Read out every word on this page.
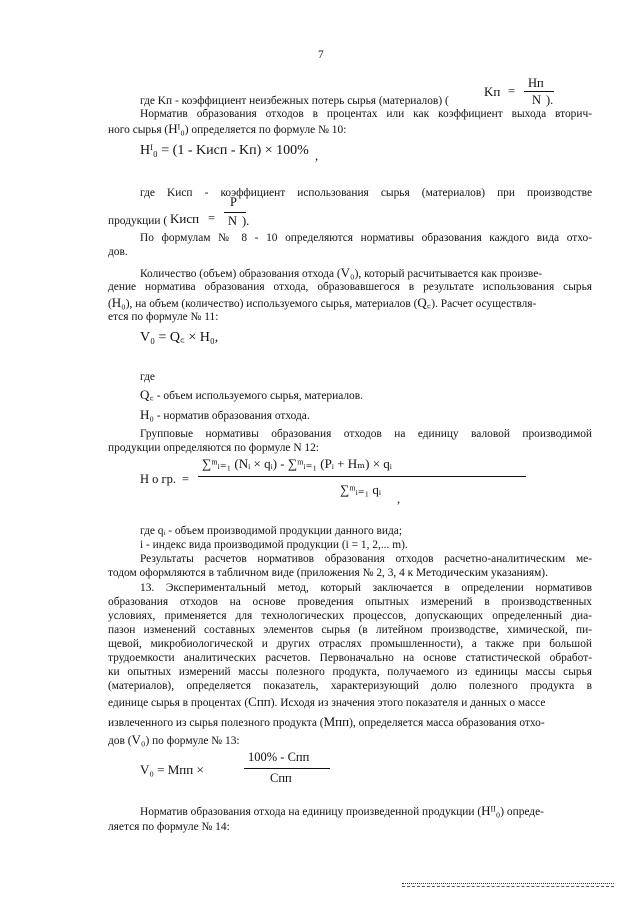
7
Kп =
Нп
N ).
где Kп - коэффициент неизбежных потерь сырья (материалов) (
Норматив образования отходов в процентах или как коэффициент выхода вторич-
ного сырья (Нᴵ₀) определяется по формуле № 10:
Нᴵ₀ = (1 - Kисп - Kп) × 100% ,
где Kисп - коэффициент использования сырья (материалов) при производстве
продукции ( Kисп =
P
N ).
По формулам № 8 - 10 определяются нормативы образования каждого вида отхо-
дов.
Количество (объем) образования отхода (V₀), который расчитывается как произве-
дение норматива образования отхода, образовавшегося в результате использования сырья
(Н₀), на объем (количество) используемого сырья, материалов (Q꜀). Расчет осуществля-
ется по формуле № 11:
V₀ = Q꜀ × Н₀,
где
Q꜀ - объем используемого сырья, материалов.
Н₀ - норматив образования отхода.
Групповые нормативы образования отходов на единицу валовой производимой
продукции определяются по формуле N 12:
Н о гр. =
∑ᵐᵢ₌₁ (Nᵢ × qᵢ) - ∑ᵐᵢ₌₁ (Pᵢ + Hₘ) × qᵢ
∑ᵐᵢ₌₁ qᵢ
,
где qᵢ - объем производимой продукции данного вида;
i - индекс вида производимой продукции (i = 1, 2,... m).
Результаты расчетов нормативов образования отходов расчетно-аналитическим ме-
тодом оформляются в табличном виде (приложения № 2, 3, 4 к Методическим указаниям).
13. Экспериментальный метод, который заключается в определении нормативов
образования отходов на основе проведения опытных измерений в производственных
условиях, применяется для технологических процессов, допускающих определенный диа-
пазон изменений составных элементов сырья (в литейном производстве, химической, пи-
щевой, микробиологической и других отраслях промышленности), а также при большой
трудоемкости аналитических расчетов. Первоначально на основе статистической обработ-
ки опытных измерений массы полезного продукта, получаемого из единицы массы сырья
(материалов), определяется показатель, характеризующий долю полезного продукта в
единице сырья в процентах (Cпп). Исходя из значения этого показателя и данных о массе
извлеченного из сырья полезного продукта (Mпп), определяется масса образования отхо-
дов (V₀) по формуле № 13:
V₀ = Mпп ×
100% - Cпп
Cпп
Норматив образования отхода на единицу произведенной продукции (Нᴵᴵ₀) опреде-
ляется по формуле № 14:
